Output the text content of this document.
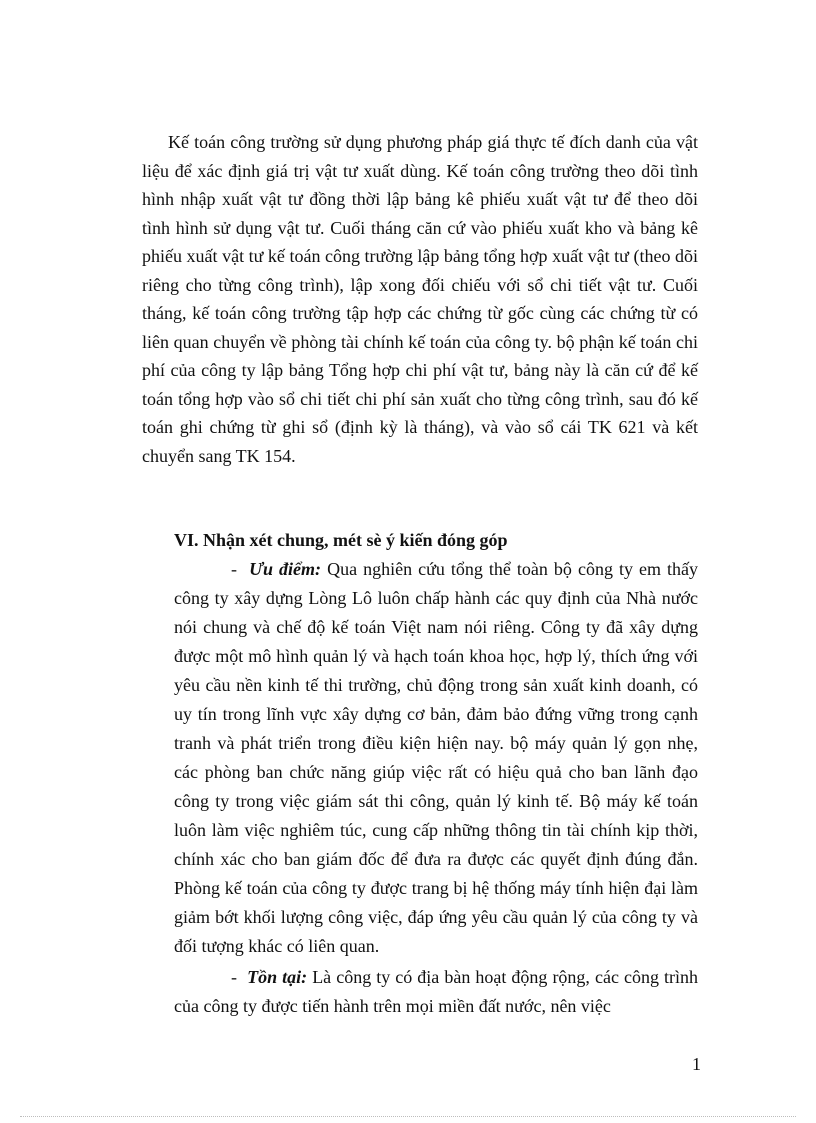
Kế toán công trường sử dụng phương pháp giá thực tế đích danh của vật liệu để xác định giá trị vật tư xuất dùng. Kế toán công trường theo dõi tình hình nhập xuất vật tư đồng thời lập bảng kê phiếu xuất vật tư để theo dõi tình hình sử dụng vật tư. Cuối tháng căn cứ vào phiếu xuất kho và bảng kê phiếu xuất vật tư kế toán công trường lập bảng tổng hợp xuất vật tư (theo dõi riêng cho từng công trình), lập xong đối chiếu với sổ chi tiết vật tư. Cuối tháng, kế toán công trường tập hợp các chứng từ gốc cùng các chứng từ có liên quan chuyển về phòng tài chính kế toán của công ty. bộ phận kế toán chi phí của công ty lập bảng Tổng hợp chi phí vật tư, bảng này là căn cứ để kế toán tổng hợp vào sổ chi tiết chi phí sản xuất cho từng công trình, sau đó kế toán ghi chứng từ ghi sổ (định kỳ là tháng), và vào sổ cái TK 621 và kết chuyển sang TK 154.

VI. Nhận xét chung, mét sè ý kiến đóng góp

- Ưu điểm: Qua nghiên cứu tổng thể toàn bộ công ty em thấy công ty xây dựng Lòng Lô luôn chấp hành các quy định của Nhà nước nói chung và chế độ kế toán Việt nam nói riêng. Công ty đã xây dựng được một mô hình quản lý và hạch toán khoa học, hợp lý, thích ứng với yêu cầu nền kinh tế thi trường, chủ động trong sản xuất kinh doanh, có uy tín trong lĩnh vực xây dựng cơ bản, đảm bảo đứng vững trong cạnh tranh và phát triển trong điều kiện hiện nay. bộ máy quản lý gọn nhẹ, các phòng ban chức năng giúp việc rất có hiệu quả cho ban lãnh đạo công ty trong việc giám sát thi công, quản lý kinh tế. Bộ máy kế toán luôn làm việc nghiêm túc, cung cấp những thông tin tài chính kịp thời, chính xác cho ban giám đốc để đưa ra được các quyết định đúng đắn. Phòng kế toán của công ty được trang bị hệ thống máy tính hiện đại làm giảm bớt khối lượng công việc, đáp ứng yêu cầu quản lý của công ty và đối tượng khác có liên quan.

- Tồn tại: Là công ty có địa bàn hoạt động rộng, các công trình của công ty được tiến hành trên mọi miền đất nước, nên việc

1
